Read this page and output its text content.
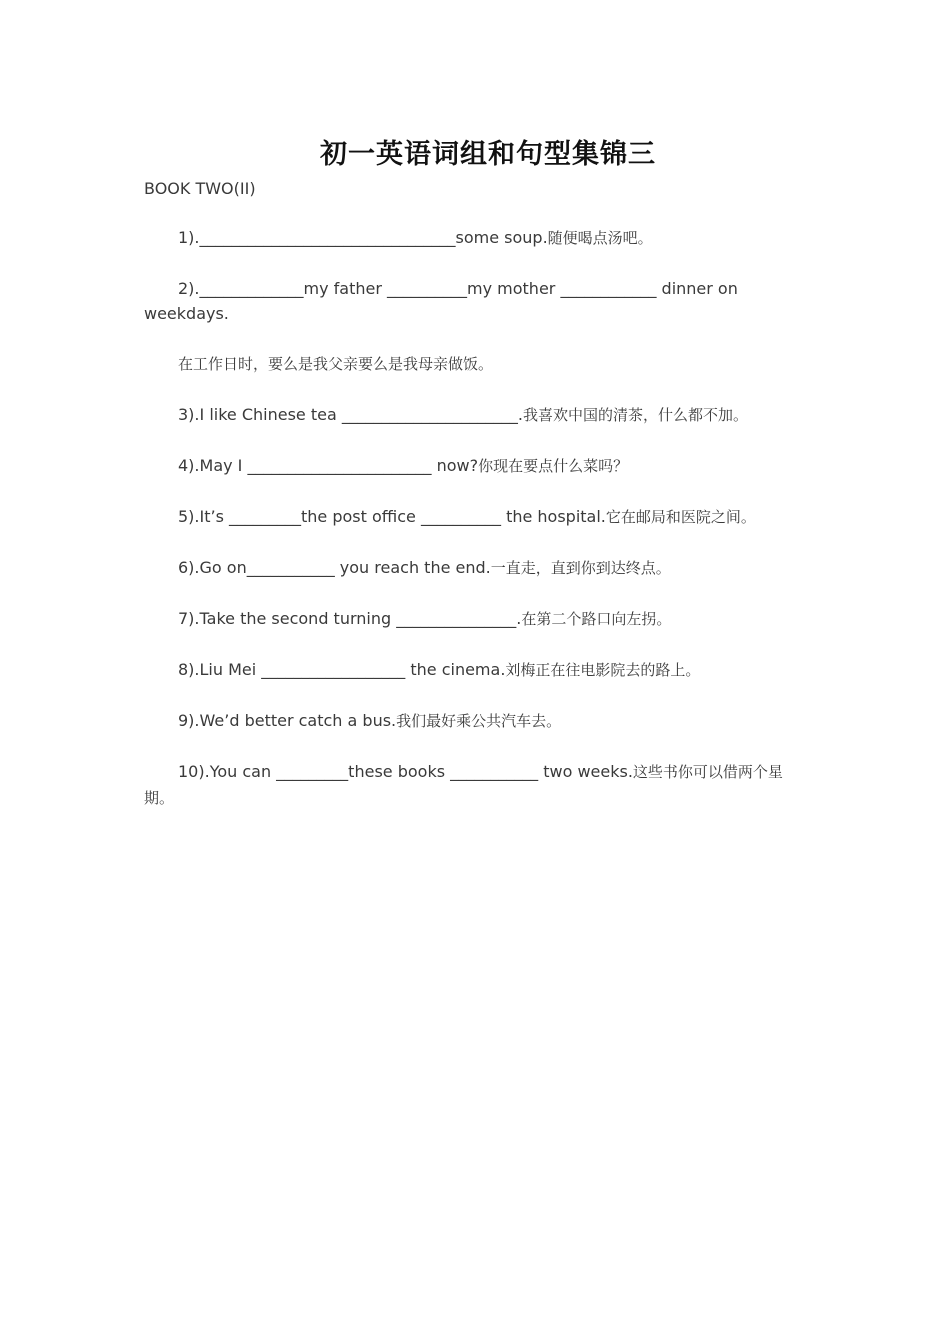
初一英语词组和句型集锦三

BOOK TWO(II)

1).________________________________some soup.随便喝点汤吧。

2)._____________my father __________my mother ____________ dinner on weekdays.

在工作日时，要么是我父亲要么是我母亲做饭。

3).I like Chinese tea ______________________.我喜欢中国的清茶，什么都不加。

4).May I _______________________ now?你现在要点什么菜吗？

5).It’s _________the post office __________ the hospital.它在邮局和医院之间。

6).Go on___________ you reach the end.一直走，直到你到达终点。

7).Take the second turning _______________.在第二个路口向左拐。

8).Liu Mei __________________ the cinema.刘梅正在往电影院去的路上。

9).We’d better catch a bus.我们最好乘公共汽车去。

10).You can _________these books ___________ two weeks.这些书你可以借两个星期。
